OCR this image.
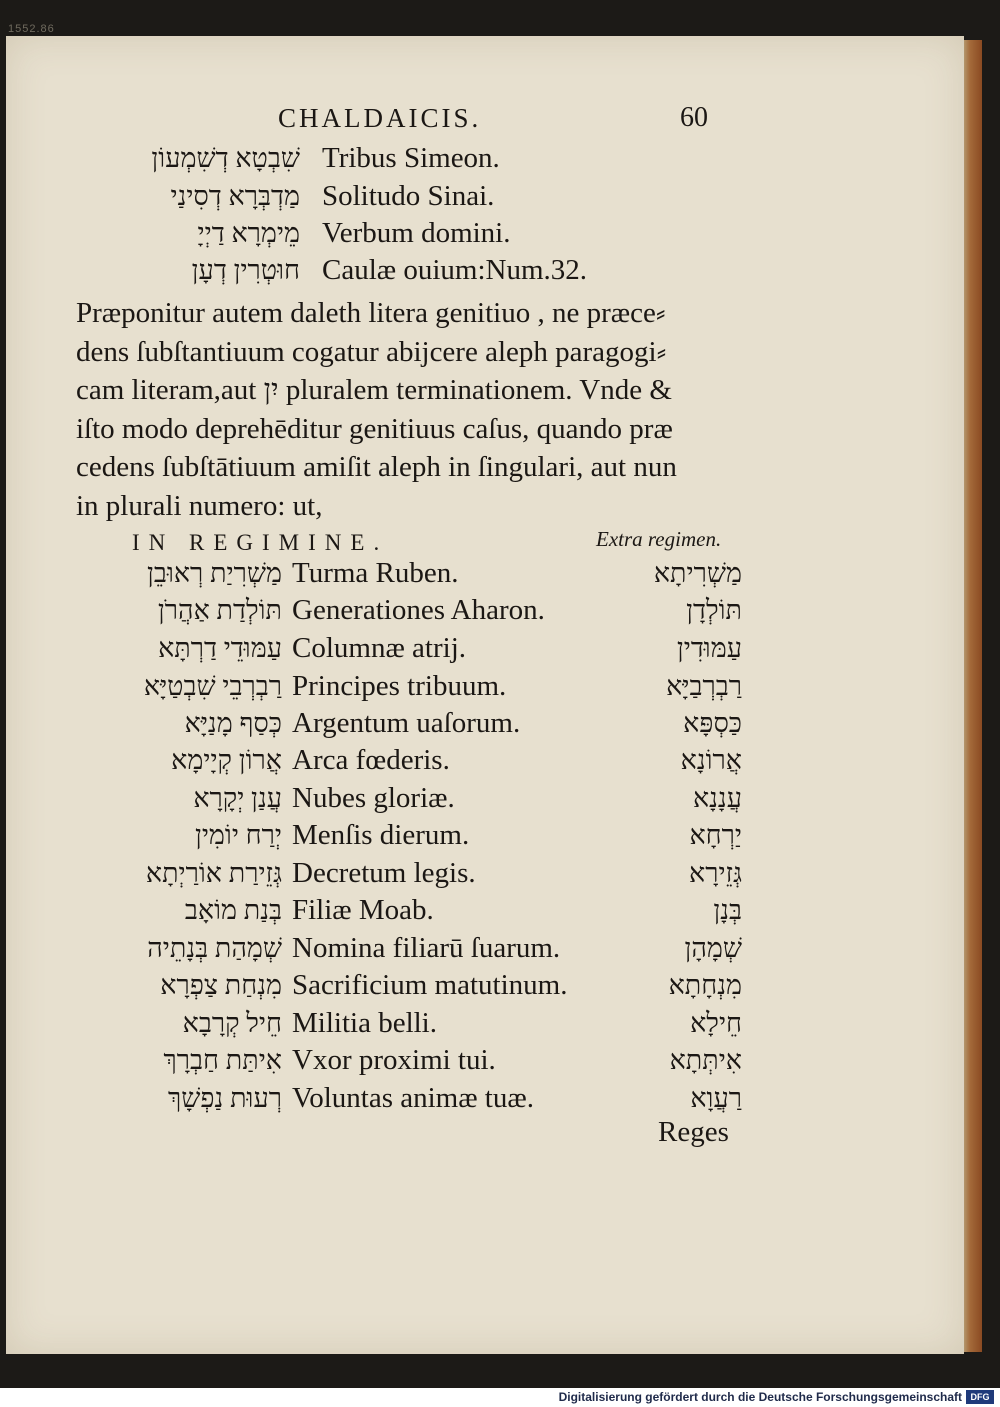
1552.86
CHALDAICIS.	60
שִׁבְטָא דְשִׁמְעוֹן Tribus Simeon.
מַדְבְּרָא דְסִינַי Solitudo Sinai.
מֵימְרָא דַיְיָ Verbum domini.
חוּטְרִין דְעָן Caulæ ouium:Num.32.
Præponitur autem daleth litera genitiuo , ne præce⸗
dens ſubſtantiuum cogatur abijcere aleph paragogi⸗
cam literam,aut יִן pluralem terminationem. Vnde &
iſto modo deprehēditur genitiuus caſus, quando præ
cedens ſubſtātiuum amiſit aleph in ſingulari, aut nun
in plurali numero: ut,
IN REGIMINE.	Extra regimen.
מַשְׁרִיַת רְאוּבֵן Turma Ruben.	מַשְׁרִיתָא
תּוֹלְדַת אַהֲרֹן Generationes Aharon.	תּוֹלְדָן
עַמּוּדֵי דַרְתָּא Columnæ atrij.	עַמּוּדִין
רַבְרְבֵי שִׁבְטַיָּא Principes tribuum.	רַבְרְבַיָּא
כְּסַף מָנַיָּא Argentum uaſorum.	כַּסְפָּא
אֲרוֹן קְיָימָא Arca fœderis.	אֲרוֹנָא
עֲנַן יְקָרָא Nubes gloriæ.	עֲנָנָא
יְרַח יוֹמִין Menſis dierum.	יַרְחָא
גְּזֵירַת אוֹרַיְתָא Decretum legis.	גְּזֵירָא
בְּנַת מוֹאָב Filiæ Moab.	בְּנָן
שְׁמָהַת בְּנָתֵיה Nomina filiarū ſuarum.	שְׁמָהָן
מִנְחַת צַפְרָא Sacrificium matutinum.	מִנְחָתָא
חֵיל קְרָבָא Militia belli.	חֵילָא
אִיתַּת חַבְרָךְ Vxor proximi tui.	אִיתְּתָא
רְעוּת נַפְשָׁךְ Voluntas animæ tuæ.	רַעֲוָא
Reges
Digitalisierung gefördert durch die Deutsche Forschungsgemeinschaft DFG
